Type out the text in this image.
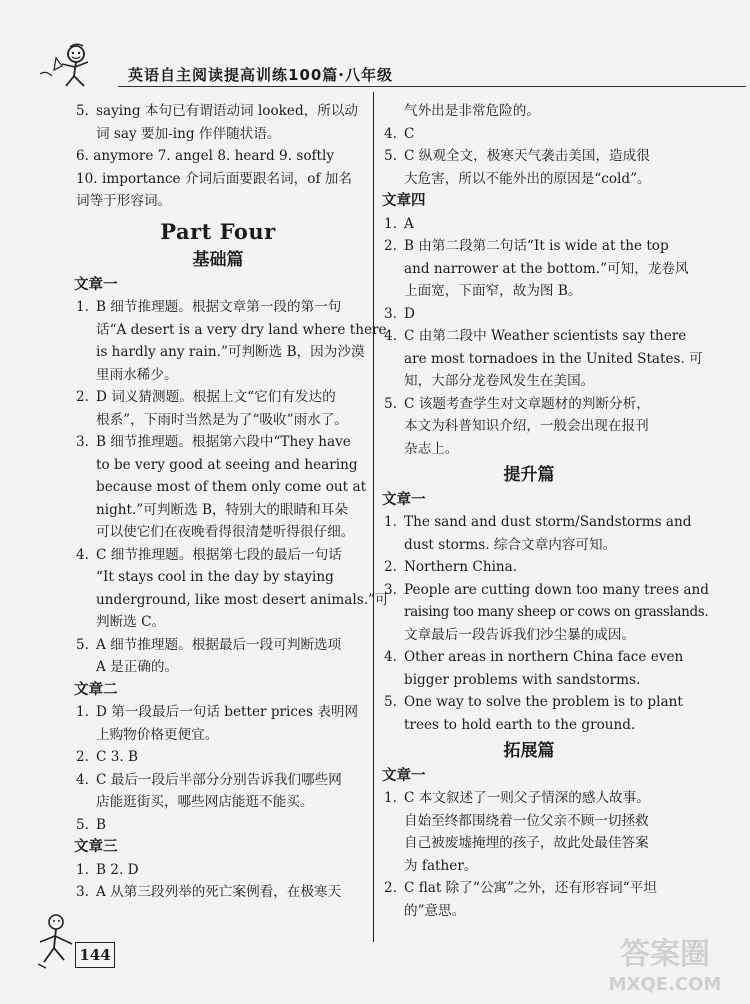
英语自主阅读提高训练100篇·八年级
5. saying 本句已有谓语动词 looked，所以动
词 say 要加-ing 作伴随状语。
6. anymore 7. angel 8. heard 9. softly
10. importance 介词后面要跟名词，of 加名
词等于形容词。
Part Four
基础篇
文章一
1. B 细节推理题。根据文章第一段的第一句
话“A desert is a very dry land where there
is hardly any rain.”可判断选 B，因为沙漠
里雨水稀少。
2. D 词义猜测题。根据上文“它们有发达的
根系”，下雨时当然是为了“吸收”雨水了。
3. B 细节推理题。根据第六段中“They have
to be very good at seeing and hearing
because most of them only come out at
night.”可判断选 B，特别大的眼睛和耳朵
可以使它们在夜晚看得很清楚听得很仔细。
4. C 细节推理题。根据第七段的最后一句话
“It stays cool in the day by staying
underground, like most desert animals.”可
判断选 C。
5. A 细节推理题。根据最后一段可判断选项
A 是正确的。
文章二
1. D 第一段最后一句话 better prices 表明网
上购物价格更便宜。
2. C 3. B
4. C 最后一段后半部分分别告诉我们哪些网
店能逛街买，哪些网店能逛不能买。
5. B
文章三
1. B 2. D
3. A 从第三段列举的死亡案例看，在极寒天
气外出是非常危险的。
4. C
5. C 纵观全文，极寒天气袭击美国，造成很
大危害，所以不能外出的原因是“cold”。
文章四
1. A
2. B 由第二段第二句话“It is wide at the top
and narrower at the bottom.”可知，龙卷风
上面宽，下面窄，故为图 B。
3. D
4. C 由第二段中 Weather scientists say there
are most tornadoes in the United States. 可
知，大部分龙卷风发生在美国。
5. C 该题考查学生对文章题材的判断分析，
本文为科普知识介绍，一般会出现在报刊
杂志上。
提升篇
文章一
1. The sand and dust storm/Sandstorms and
dust storms. 综合文章内容可知。
2. Northern China.
3. People are cutting down too many trees and
raising too many sheep or cows on grasslands.
文章最后一段告诉我们沙尘暴的成因。
4. Other areas in northern China face even
bigger problems with sandstorms.
5. One way to solve the problem is to plant
trees to hold earth to the ground.
拓展篇
文章一
1. C 本文叙述了一则父子情深的感人故事。
自始至终都围绕着一位父亲不顾一切拯救
自己被废墟掩埋的孩子，故此处最佳答案
为 father。
2. C flat 除了“公寓”之外，还有形容词“平坦
的”意思。
144	答案圈
MXQE.COM
